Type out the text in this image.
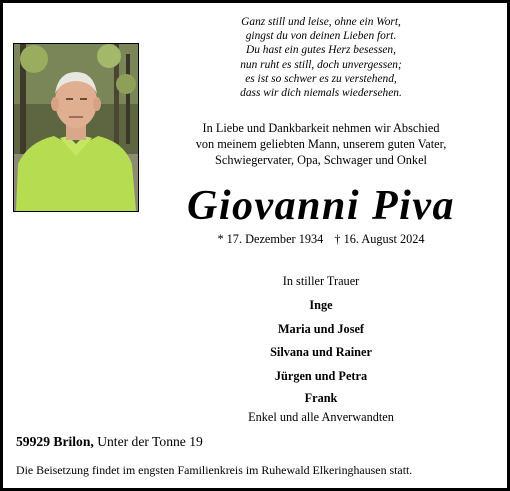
Ganz still und leise, ohne ein Wort,
gingst du von deinen Lieben fort.
Du hast ein gutes Herz besessen,
nun ruht es still, doch unvergessen;
es ist so schwer es zu verstehend,
dass wir dich niemals wiedersehen.
In Liebe und Dankbarkeit nehmen wir Abschied
von meinem geliebten Mann, unserem guten Vater,
Schwiegervater, Opa, Schwager und Onkel
Giovanni Piva
* 17. Dezember 1934 † 16. August 2024
In stiller Trauer
Inge
Maria und Josef
Silvana und Rainer
Jürgen und Petra
Frank
Enkel und alle Anverwandten
59929 Brilon, Unter der Tonne 19
Die Beisetzung findet im engsten Familienkreis im Ruhewald Elkeringhausen statt.
